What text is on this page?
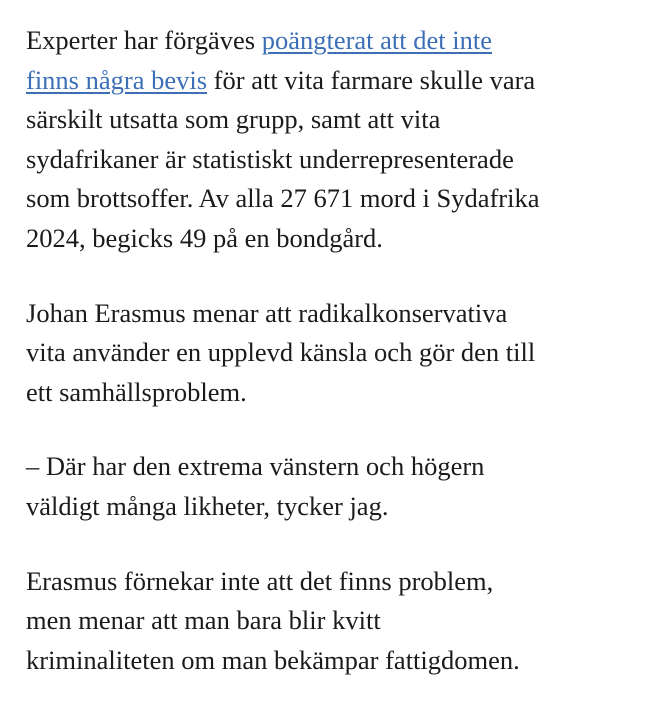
Experter har förgäves poängterat att det inte
finns några bevis för att vita farmare skulle vara
särskilt utsatta som grupp, samt att vita
sydafrikaner är statistiskt underrepresenterade
som brottsoffer. Av alla 27 671 mord i Sydafrika
2024, begicks 49 på en bondgård.

Johan Erasmus menar att radikalkonservativa
vita använder en upplevd känsla och gör den till
ett samhällsproblem.

– Där har den extrema vänstern och högern
väldigt många likheter, tycker jag.

Erasmus förnekar inte att det finns problem,
men menar att man bara blir kvitt
kriminaliteten om man bekämpar fattigdomen.
